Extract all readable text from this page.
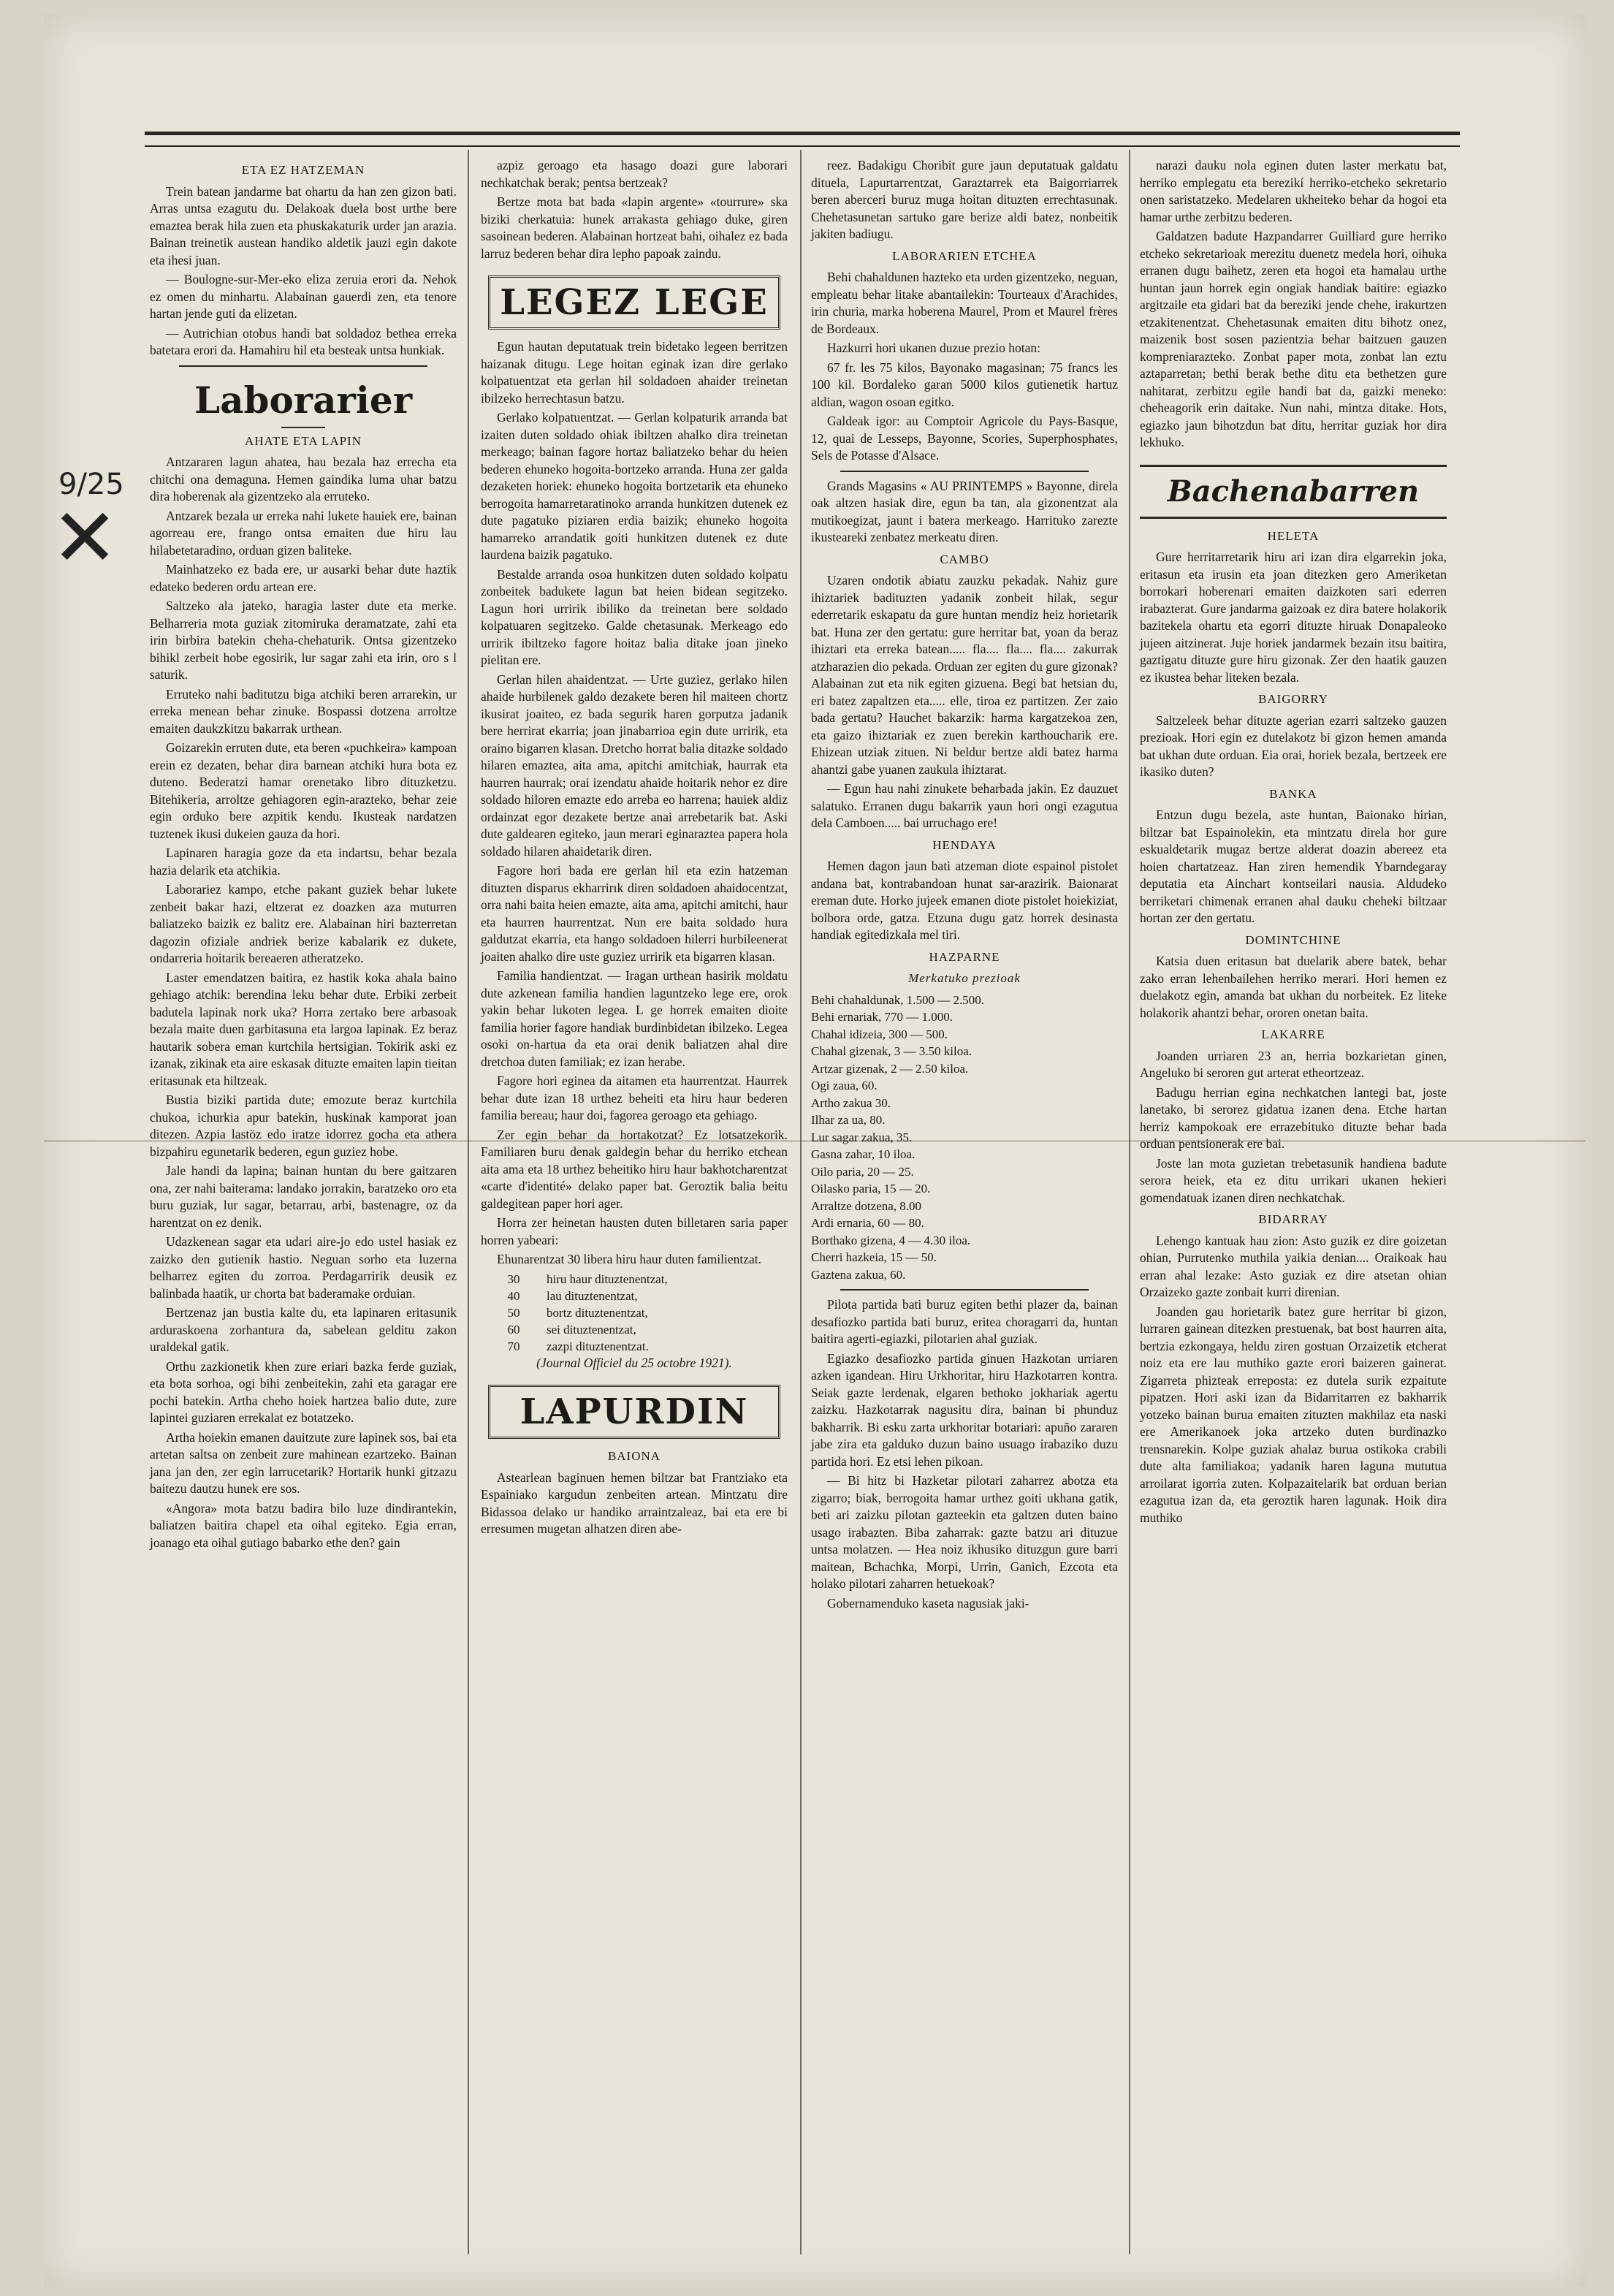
9/25
✕
ETA EZ HATZEMAN

Trein batean jandarme bat ohartu da han zen gizon bati. Arras untsa ezagutu du. Delakoak duela bost urthe bere emaztea berak hila zuen eta phuskakaturik urder jan arazia. Bainan treinetik austean handiko aldetik jauzi egin dakote eta ihesi juan.

— Boulogne-sur-Mer-eko eliza zeruia erori da. Nehok ez omen du minhartu. Alabainan gauerdi zen, eta tenore hartan jende guti da elizetan.

— Autrichian otobus handi bat soldadoz bethea errekа batetara erori da. Hamahiru hil eta besteak untsa hunkiak.

Laborarier
AHATE ETA LAPIN

Antzararen lagun ahatea, hau bezala haz erreсha eta chitchi ona demaguna. Hemen gaindika luma uhar batzu dira hoberenak ala gizentzeko ala erruteko.

Antzarek bezala ur erreka nahi lukete hauiek ere, bainan agorreau ere, frango ontsa emaiten due hiru lau hilabetetaradino, orduan gizen baliteke.

Mainhatzeko ez bada ere, ur ausarki behar dute haztik edateko bederen ordu artean ere.

Saltzeko ala jateko, haragia laster dute eta merke. Belharreria mota guziak zitomiruka deramatzate, zahi eta irin birbira batekin cheha-chehaturik. Ontsa gizentzeko bihikl zerbeit hobe egosirik, lur sagar zahi eta irin, oro s l saturik.

Erruteko nahi baditutzu biga atchiki beren arrarekin, ur erreka menean behar zinuke. Bospassi dotzena arroltze emaiten daukzkitzu bakarrak urthean.

Goizarekin erruten dute, eta beren «puchkeira» kampoan erein ez dezaten, behar dira barnean atchiki hura bota ez duteno. Bederatzi hamar orenetako libro dituzketzu. Bitehikeria, arroltze gehiagoren egin-arazteko, behar zeie egin orduko bere azpitik kendu. Ikusteak nardatzen tuztenek ikusi dukeien gauza da hori.

Lapinaren haragia goze da eta indartsu, behar bezala hazia delarik eta atchikia.

Laborariez kampo, etche pakant guziek behar lukete zenbeit bakar hazi, eltzerat ez doazken aza muturren baliatzeko baizik ez balitz ere. Alabainan hiri bazterretan dagozin ofiziale andriek berize kabalarik ez dukete, ondarreria hoitarik bereaeren atheratzeko.

Laster emendatzen baitira, ez hastik koka ahala baino gehiago atchik: berendina leku behar dute. Erbiki zerbeit badutela lapinak nork uka? Horra zertako bere arbasoak bezala maite duen garbitasuna eta largoa lapinak. Ez beraz hautarik sobera eman kurtchila hertsigian. Tokirik aski ez izanak, zikinak eta aire eskasak dituzte emaiten lapin tieitan eritasunak eta hiltzeak.

Bustia biziki partida dute; emozute beraz kurtchila chukoa, ichurkia apur batekin, huskinak kamporat joan ditezen. Azpia lastöz edo iratze idorrez gocha eta athera bizpahiru egunetarik bederen, egun guziez hobe.

Jale handi da lapina; bainan huntan du bere gaitzaren ona, zer nahi baiterama: landako jorrakin, baratzeko oro eta buru guziak, lur sagar, betarrau, arbi, bastenagre, oz da harentzat on ez denik.

Udazkenean sagar eta udari aire-jo edo ustel hasiak ez zaizko den gutienik hastio. Neguan sorho eta luzerna belharrez egiten du zorroa. Perdagarririk deusik ez balinbada haatik, ur chorta bat baderamake orduian.

Bertzenaz jan bustia kalte du, eta lapinaren eritasunik arduraskoena zorhantura da, sabelean gelditu zakon uraldekal gatik.

Orthu zazkionetik khen zure eriari bazka ferde guziak, eta bota sorhoa, ogi bihi zenbeitekin, zahi eta garagar ere pochi batekin. Artha cheho hoiek hartzea balio dute, zure lapintei guziaren errekalat ez botatzeko.

Artha hoiekin emanen dauitzute zure lapinek sos, bai eta artetan saltsa on zenbeit zure mahinean ezartzeko. Bainan jana jan den, zer egin larrucetarik? Hortarik hunki gitzazu baitezu dautzu hunek ere sos.

«Angora» mota batzu badira bilo luze dindirantekin, baliatzen baitira chapel eta oihal egiteko. Egia erran, joanago eta oihal gutiago babarko ethe den? gain

azpiz geroago eta hasago doazi gure laborari nechkatchak berak; pentsa bertzeak?

Bertze mota bat bada «lapin argente» «tourrure» ska biziki cherkatuia: hunek arrakasta gehiago duke, giren sasoinean bederen. Alabainan hortzeat bahi, oihalez ez bada larruz bederen behar dira lepho papoak zaindu.

LEGEZ LEGE

Egun hautan deputatuak trein bidetako legeen berritzen haizanak ditugu. Lege hoitan eginak izan dire gerlako kolpatuentzat eta gerlan hil soldadoen ahaider treinetan ibilzeko herrechtasun batzu.

Gerlako kolpatuentzat. — Gerlan kolpaturik arranda bat izaiten duten soldado ohiak ibiltzen ahalko dira treinetan merkeago; bainan fagore hortaz baliatzeko behar du heien bederen ehuneko hogoita-bortzeko arranda. Huna zer galda dezaketen horiek: ehuneko hogoita bortzetarik eta ehuneko berrogoita hamarretaratinoko arranda hunkitzen dutenek ez dute pagatuko piziaren erdia baizik; ehuneko hogoita hamarreko arrandatik goiti hunkitzen dutenek ez dute laurdena baizik pagatuko.

Bestalde arranda osoa hunkitzen duten soldado kolpatu zonbeitek badukete lagun bat heien bidean segitzeko. Lagun hori urririk ibiliko da treinetan bere soldado kolpatuaren segitzeko. Galde chetasunak. Merkeago edo urririk ibiltzeko fagore hoitaz balia ditake joan jineko pielitan ere.

Gerlan hilen ahaidentzat. — Urte guziez, gerlako hilen ahaide hurbilenek galdo dezakete beren hil maiteen chortz ikusirat joaiteo, ez bada segurik haren gorputza jadanik bere herrirat ekarria; joan jinabarrioa egin dute urririk, eta oraino bigarren klasan. Dretcho horrat balia ditazke soldado hilaren emaztea, aita ama, apitchi amitchiak, haurrak eta haurren haurrak; orai izendatu ahaide hoitarik nehor ez dire soldado hiloren emazte edo arreba eo harrena; hauiek aldiz ordainzat egor dezakete bertze anai arrebetarik bat. Aski dute galdearen egiteko, jaun merari eginaraztea papera hola soldado hilaren ahaidetarik diren.

Fagore hori bada ere gerlan hil eta ezin hatzeman dituzten disparus ekharrirık diren soldadoen ahaidocentzat, orra nahi baita heien emazte, aita ama, apitchi amitchi, haur eta haurren haurrentzat. Nun ere baita soldado hura galdutzat ekarria, eta hango soldadoen hilerri hurbileenerat joaiten ahalko dire uste guziez urririk eta bigarren klasan.

Familia handientzat. — Iragan urthean hasirik moldatu dute azkenean familia handien laguntzeko lege ere, orok yakin behar lukoten legea. L ge horrek emaiten dioite familia horier fagore handiak burdinbidetan ibilzeko. Legea osoki on-hartua da eta orai denik baliatzen ahal dire dretchoa duten familiak; ez izan herabe.

Fagore hori eginea da aitamen eta haurrentzat. Haurrek behar dute izan 18 urthez beheiti eta hiru haur bederen familia bereau; haur doi, fagorea geroago eta gehiago.

Zer egin behar da hortakotzat? Ez lotsatzekorik. Familiaren buru denak galdegin behar du herriko etchean aita ama eta 18 urthez beheitiko hiru haur bakhotcharentzat «carte d'identité» delako paper bat. Geroztik balia beitu galdegitean paper hori ager.

Horra zer heinetan hausten duten billetaren saria paper horren yabeari:

Ehunarentzat 30 libera hiru haur duten familientzat.

30	hiru haur dituztenentzat,
40	lau dituztenentzat,
50	bortz dituztenentzat,
60	sei dituztenentzat,
70	zazpi dituztenentzat.

(Journal Officiel du 25 octobre 1921).

LAPURDIN
BAIONA

Astearlean baginuen hemen biltzar bat Frantziako eta Espainiako kargudun zenbeiten artean. Mintzatu dire Bidassoa delako ur handiko arraintzaleaz, bai eta ere bi erresumen mugetan alhatzen diren abe-

reez. Badakigu Choribit gure jaun deputatuak galdatu dituela, Lapurtarrentzat, Garaztarrek eta Baigorriarrek beren aberceri buruz muga hoitan dituzten errechtasunak. Chehetasunetan sartuko gare berize aldi batez, nonbeitik jakiten badiugu.

LABORARIEN ETCHEA

Behi chahaldunen hazteko eta urden gizentzeko, neguan, empleatu behar litake abantailekin: Tourteaux d'Arachides, irin churia, marka hoberena Maurel, Prom et Maurel frères de Bordeaux.

Hazkurri hori ukanen duzue prezio hotan:

67 fr. les 75 kilos, Bayonako magasinan; 75 francs les 100 kil. Bordaleko garan 5000 kilos gutienetik hartuz aldian, wagon osoan egitko.

Galdeak igor: au Comptoir Agricole du Pays-Basque, 12, quai de Lesseps, Bayonne, Scories, Superphosphates, Sels de Potasse d'Alsace.

Grands Magasins « AU PRINTEMPS » Bayonne, direla oak altzen hasiak dire, egun ba tan, ala gizonentzat ala mutikoegizat, jaunt i batera merkeago. Harrituko zarezte ikusteareki zenbatez merkeatu diren.

CAMBO

Uzaren ondotik abiatu zauzku pekadak. Nahiz gure ihiztariek badituzten yadanik zonbeit hilak, segur ederretarik eskapatu da gure huntan mendiz heiz horietarik bat. Huna zer den gertatu: gure herritar bat, yoan da beraz ihiztari eta errekа batean..... fla.... fla.... fla.... zakurrak atzharazien dio pekada. Orduan zer egiten du gure gizonak? Alabainan zut eta nik egiten gizuena. Begi bat hetsian du, eri batez zapaltzen eta..... elle, tiroa ez partitzen. Zer zaio bada gertatu? Hauchet bakarzik: harma kargatzekoa zen, eta gaizo ihiztariak ez zuen berekin karthoucharik ere. Ehizean utziak zituen. Ni beldur bertze aldi batez harma ahantzi gabe yuanen zaukula ihiztarat.

— Egun hau nahi zinukete beharbada jakin. Ez dauzuet salatuko. Erranen dugu bakarrik yaun hori ongi ezagutua dela Camboen..... bai urruchago ere!

HENDAYA

Hemen dagon jaun bati atzeman diote espainol pistolet andana bat, kontrabandoan hunat sar-arazirik. Baionarat ereman dute. Horko jujeek emanen diote pistolet hoiekiziat, bolbora orde, gatza. Etzuna dugu gatz horrek desinasta handiak egitedizkala mel tiri.

HAZPARNE
Merkatuko prezioak
Behi chahaldunak, 1.500 — 2.500.
Behi ernariak, 770 — 1.000.
Chahal idizeia, 300 — 500.
Chahal gizenak, 3 — 3.50 kiloa.
Artzar gizenak, 2 — 2.50 kiloa.
Ogi zaua, 60.
Artho zakua 30.
Ilhar za ua, 80.
Lur sagar zakua, 35.
Gasna zahar, 10 iloa.
Oilo paria, 20 — 25.
Oilasko paria, 15 — 20.
Arraltze dotzena, 8.00
Ardi ernaria, 60 — 80.
Borthako gizena, 4 — 4.30 iloa.
Cherri hazkeia, 15 — 50.
Gaztena zakua, 60.

Pilota partida bati buruz egiten bethi plazer da, bainan desafiozko partida bati buruz, eritea choragarri da, huntan baitira agerti-egiazki, pilotarien ahal guziak.

Egiazko desafiozko partida ginuen Hazkotan urriaren azken igandean. Hiru Urkhoritar, hiru Hazkotarren kontra. Seiak gazte lerdenak, elgaren bethoko jokhariak agertu zaizku. Hazkotarrak nagusitu dira, bainan bi phunduz bakharrik. Bi esku zarta urkhoritar botariari: apuño zararen jabe zira eta galduko duzun baino usuago irabaziko duzu partida hori. Ez etsi lehen pikoan.

— Bi hitz bi Hazketar pilotari zaharrez abotza eta zigarro; biak, berrogoita hamar urthez goiti ukhana gatik, beti ari zaizku pilotan gazteekin eta galtzen duten baino usago irabazten. Biba zaharrak: gazte batzu ari dituzue untsa molatzen. — Hea noiz ikhusiko dituzgun gure barri maitean, Bchachka, Morpi, Urrin, Ganich, Ezcota eta holako pilotari zaharren hetuekoak?

Gobernamenduko kaseta nagusiak jaki-

narazi dauku nola eginen duten laster merkatu bat, herriko emplegatu eta berezikí herriko-etcheko sekretario onen saristatzeko. Medelaren ukheiteko behar da hogoi eta hamar urthe zerbitzu bederen.

Galdatzen badute Hazpandarrer Guilliard gure herriko etcheko sekretarioak merezitu duenetz medela hori, oihuka erranen dugu baihetz, zeren eta hogoi eta hamalau urthe huntan jaun horrek egin ongiak handiak baitire: egiazko argitzaile eta gidari bat da bereziki jende chehe, irakurtzen etzakitenentzat. Chehetasunak emaiten ditu bihotz onez, maizenik bost sosen pazientzia behar baitzuen gauzen kompreniarazteko. Zonbat paper mota, zonbat lan eztu aztaparretan; bethi berak bethe ditu eta bethetzen gure nahitarat, zerbitzu egile handi bat da, gaizki meneko: cheheagorik erin daitake. Nun nahi, mintza ditake. Hots, egiazko jaun bihotzdun bat ditu, herritar guziak hor dira lekhuko.

Bachenabarren
HELETA

Gure herritarretarik hiru ari izan dira elgarrekin joka, eritasun eta irusin eta joan ditezken gero Ameriketan borrokari hoberenari emaiten daizkoten sari ederren irabazterat. Gure jandarma gaizoak ez dira batere holakorik bazitekela ohartu eta egorri dituzte hiruak Donapaleoko jujeen aitzinerat. Juje horiek jandarmek bezain itsu baitira, gaztigatu dituzte gure hiru gizonak. Zer den haatik gauzen ez ikustea behar liteken bezala.

BAIGORRY

Saltzeleek behar dituzte agerian ezarri saltzeko gauzen prezioak. Hori egin ez dutelakotz bi gizon hemen amanda bat ukhan dute orduan. Eia orai, horiek bezala, bertzeek ere ikasiko duten?

BANKA

Entzun dugu bezela, aste huntan, Baionako hirian, biltzar bat Espainolekin, eta mintzatu direla hor gure eskualdetarik mugaz bertze alderat doazin abereez eta hoien chartatzeaz. Han ziren hemendik Ybarndegaray deputatia eta Ainchart kontseilari nausia. Aldudeko berriketari chimenak erranen ahal dauku cheheki biltzaar hortan zer den gertatu.

DOMINTCHINE

Katsia duen eritasun bat duelarik abere batek, behar zako erran lehenbailehen herriko merari. Hori hemen ez duelakotz egin, amanda bat ukhan du norbeitek. Ez liteke holakorik ahantzi behar, ororen onetan baita.

LAKARRE

Joanden urriaren 23 an, herria bozkarietan ginen, Angeluko bi seroren gut arterat etheortzeaz.

Badugu herrian egina nechkatchen lantegi bat, joste lanetako, bi serorez gidatua izanen dena. Etche hartan herriz kampokoak ere errazebituko dituzte behar bada orduan pentsionerak ere bai.

Joste lan mota guzietan trebetasunik handiena badute serora heiek, eta ez ditu urrikari ukanen hekieri gomendatuak izanen diren nechkatchak.

BIDARRAY

Lehengo kantuak hau zion: Asto guzik ez dire goizetan ohian, Purrutenko muthila yaikia denian.... Oraikoak hau erran ahal lezake: Asto guziak ez dire atsetan ohian Orzaizeko gazte zonbait kurri direnian.

Joanden gau horietarik batez gure herritar bi gizon, lurraren gainean ditezken prestuenak, bat bost haurren aita, bertzia ezkongaya, heldu ziren gostuan Orzaizetik etcherat noiz eta ere lau muthiko gazte erori baizeren gainerat. Zigarreta phizteak erreposta: ez dutela surik ezpaitute pipatzen. Hori aski izan da Bidarritarren ez bakharrik yotzeko bainan burua emaiten zituzten makhilaz eta naski ere Amerikanoek joka artzeko duten burdinazko trensnarekin. Kolpe guziak ahalaz burua ostikoka crabili dute alta familiakoa; yadanik haren laguna mututua arroilarat igorria zuten. Kolpazaitelarik bat orduan berian ezagutua izan da, eta geroztik haren lagunak. Hoik dira muthiko
